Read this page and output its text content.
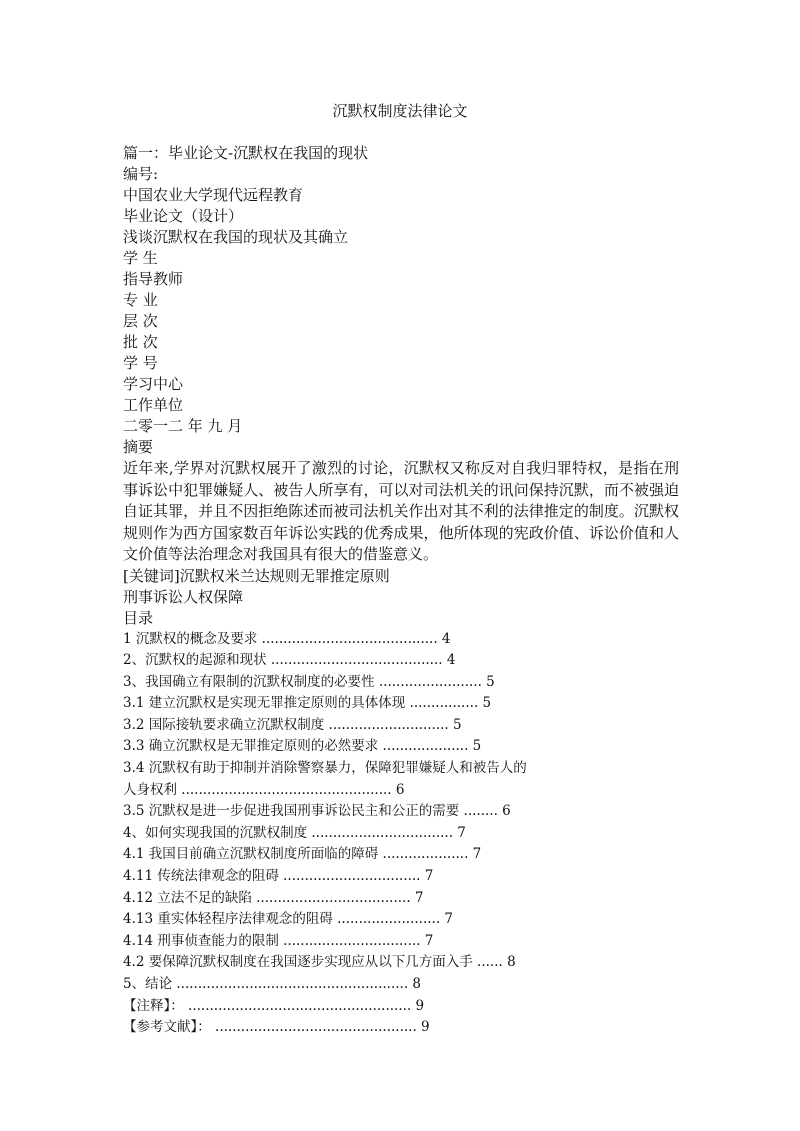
沉默权制度法律论文
篇一：毕业论文-沉默权在我国的现状
编号:
中国农业大学现代远程教育
毕业论文（设计）
浅谈沉默权在我国的现状及其确立
学 生
指导教师
专 业
层 次
批 次
学 号
学习中心
工作单位
二零一二 年 九 月
摘要
近年来,学界对沉默权展开了激烈的讨论，沉默权又称反对自我归罪特权，是指在刑事诉讼中犯罪嫌疑人、被告人所享有，可以对司法机关的讯问保持沉默，而不被强迫自证其罪，并且不因拒绝陈述而被司法机关作出对其不利的法律推定的制度。沉默权规则作为西方国家数百年诉讼实践的优秀成果，他所体现的宪政价值、诉讼价值和人文价值等法治理念对我国具有很大的借鉴意义。
[关键词]沉默权米兰达规则无罪推定原则
刑事诉讼人权保障
目录
1 沉默权的概念及要求 ......................................... 4
2、沉默权的起源和现状 ........................................ 4
3、我国确立有限制的沉默权制度的必要性 ........................ 5
3.1 建立沉默权是实现无罪推定原则的具体体现 ................ 5
3.2 国际接轨要求确立沉默权制度 ............................ 5
3.3 确立沉默权是无罪推定原则的必然要求 .................... 5
3.4 沉默权有助于抑制并消除警察暴力，保障犯罪嫌疑人和被告人的
人身权利 ................................................. 6
3.5 沉默权是进一步促进我国刑事诉讼民主和公正的需要 ........ 6
4、如何实现我国的沉默权制度 ................................. 7
4.1 我国目前确立沉默权制度所面临的障碍 .................... 7
4.11 传统法律观念的阻碍 ................................ 7
4.12 立法不足的缺陷 .................................... 7
4.13 重实体轻程序法律观念的阻碍 ........................ 7
4.14 刑事侦查能力的限制 ................................ 7
4.2 要保障沉默权制度在我国逐步实现应从以下几方面入手 ...... 8
5、结论 ...................................................... 8
【注释】： .................................................... 9
【参考文献】： ............................................... 9
